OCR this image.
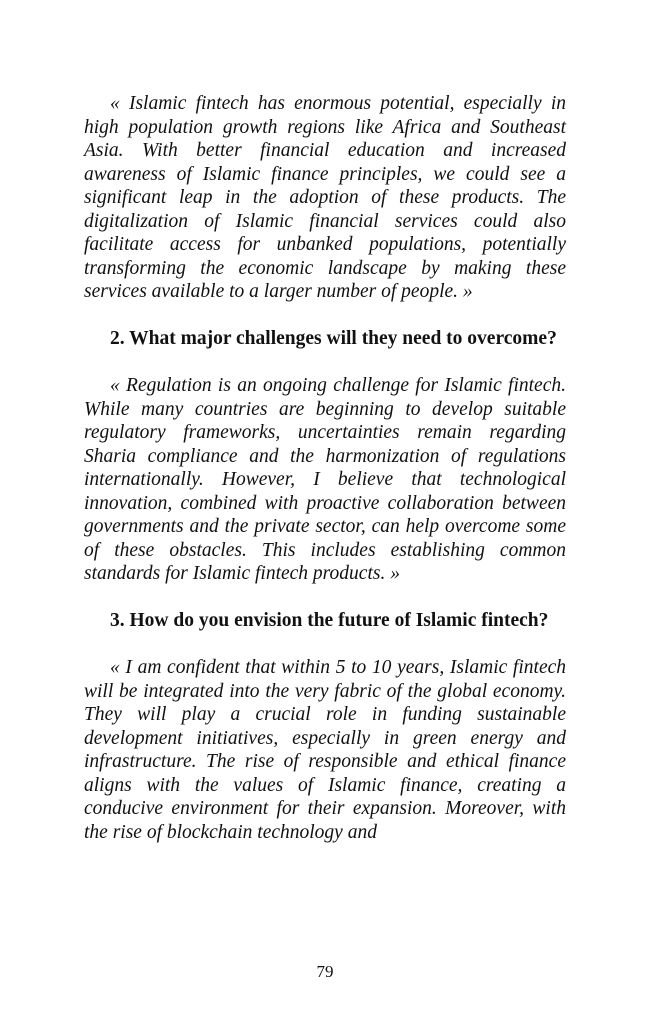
« Islamic fintech has enormous potential, especially in high population growth regions like Africa and Southeast Asia. With better financial education and increased awareness of Islamic finance principles, we could see a significant leap in the adoption of these products. The digitalization of Islamic financial services could also facilitate access for unbanked populations, potentially transforming the economic landscape by making these services available to a larger number of people. »

2. What major challenges will they need to overcome?

« Regulation is an ongoing challenge for Islamic fintech. While many countries are beginning to develop suitable regulatory frameworks, uncertainties remain regarding Sharia compliance and the harmonization of regulations internationally. However, I believe that technological innovation, combined with proactive collaboration between governments and the private sector, can help overcome some of these obstacles. This includes establishing common standards for Islamic fintech products. »

3. How do you envision the future of Islamic fintech?

« I am confident that within 5 to 10 years, Islamic fintech will be integrated into the very fabric of the global economy. They will play a crucial role in funding sustainable development initiatives, especially in green energy and infrastructure. The rise of responsible and ethical finance aligns with the values of Islamic finance, creating a conducive environment for their expansion. Moreover, with the rise of blockchain technology and

79
